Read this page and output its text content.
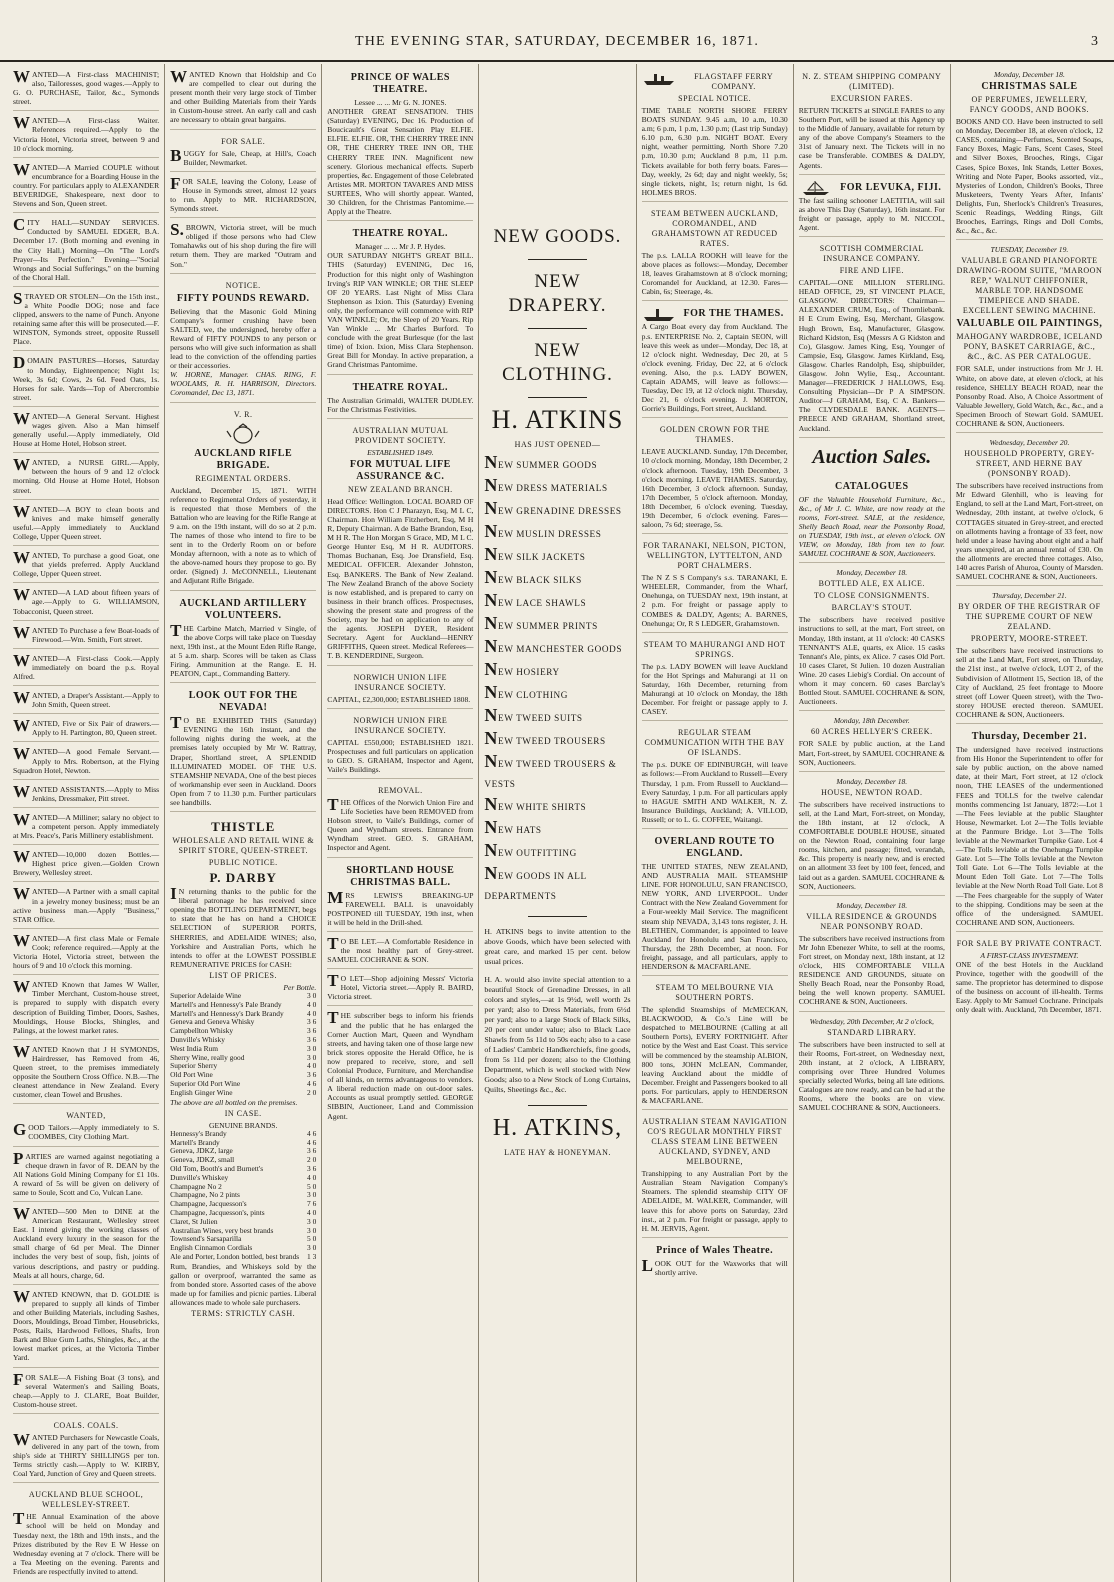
THE EVENING STAR, SATURDAY, DECEMBER 16, 1871.	3

WANTED—A First-class MACHINIST; also, Tailoresses, good wages.—Apply to G. O. PURCHASE, Tailor, &c., Symonds street.

WANTED—A First-class Waiter. References required.—Apply to the Victoria Hotel, Victoria street, between 9 and 10 o'clock morning.

WANTED—A Married COUPLE without encumbrance for a Boarding House in the country. For particulars apply to ALEXANDER BEVERIDGE, Shakespeare, next door to Stevens and Son, Queen street.

CITY HALL—SUNDAY SERVICES. Conducted by SAMUEL EDGER, B.A. December 17. (Both morning and evening in the City Hall.) Morning—On "The Lord's Prayer—Its Perfection." Evening—"Social Wrongs and Social Sufferings," on the burning of the Choral Hall.

STRAYED OR STOLEN—On the 15th inst., a White Poodle DOG; nose and face clipped, answers to the name of Punch. Anyone retaining same after this will be prosecuted.—F. WINSTON, Symonds street, opposite Russell Place.

DOMAIN PASTURES—Horses, Saturday to Monday, Eighteenpence; Night 1s; Week, 3s 6d; Cows, 2s 6d. Feed Oats, 1s. Horses for sale. Yards—Top of Abercrombie street.

WANTED—A General Servant. Highest wages given. Also a Man himself generally useful.—Apply immediately, Old House at Home Hotel, Hobson street.

WANTED, a NURSE GIRL.—Apply, between the hours of 9 and 12 o'clock morning. Old House at Home Hotel, Hobson street.

WANTED—A BOY to clean boots and knives and make himself generally useful.—Apply immediately to Auckland College, Upper Queen street.

WANTED, To purchase a good Goat, one that yields preferred. Apply Auckland College, Upper Queen street.

WANTED—A LAD about fifteen years of age.—Apply to G. WILLIAMSON, Tobacconist, Queen street.

WANTED To Purchase a few Boat-loads of Firewood.—Wm. Smith, Fort street.

WANTED—A First-class Cook.—Apply immediately on board the p.s. Royal Alfred.

WANTED, a Draper's Assistant.—Apply to John Smith, Queen street.

WANTED, Five or Six Pair of drawers.—Apply to H. Partington, 80, Queen street.

WANTED—A good Female Servant.—Apply to Mrs. Robertson, at the Flying Squadron Hotel, Newton.

WANTED ASSISTANTS.—Apply to Miss Jenkins, Dressmaker, Pitt street.

WANTED—A Milliner; salary no object to a competent person. Apply immediately at Mrs. Peace's, Paris Millinery establishment.

WANTED—10,000 dozen Bottles.—Highest price given.—Golden Crown Brewery, Wellesley street.

WANTED—A Partner with a small capital in a jewelry money business; must be an active business man.—Apply "Business," STAR Office.

WANTED—A first class Male or Female Cook; reference required.—Apply at the Victoria Hotel, Victoria street, between the hours of 9 and 10 o'clock this morning.

WANTED Known that James W Waller, Timber Merchant, Custom-house street, is prepared to supply with dispatch every description of Building Timber, Doors, Sashes, Mouldings, House Blocks, Shingles, and Palings, at the lowest market rates.

WANTED Known that J H SYMONDS, Hairdresser, has Removed from 46, Queen street, to the premises immediately opposite the Southern Cross Office. N.B.—The cleanest attendance in New Zealand. Every customer, clean Towel and Brushes.

WANTED,

GOOD Tailors.—Apply immediately to S. COOMBES, City Clothing Mart.

PARTIES are warned against negotiating a cheque drawn in favor of R. DEAN by the All Nations Gold Mining Company for £1 10s. A reward of 5s will be given on delivery of same to Soule, Scott and Co, Vulcan Lane.

WANTED—500 Men to DINE at the American Restaurant, Wellesley street East. I intend giving the working classes of Auckland every luxury in the season for the small charge of 6d per Meal. The Dinner includes the very best of soup, fish, joints of various descriptions, and pastry or pudding. Meals at all hours, charge, 6d.

WANTED KNOWN, that D. GOLDIE is prepared to supply all kinds of Timber and other Building Materials, including Sashes, Doors, Mouldings, Broad Timber, Housebricks, Posts, Rails, Hardwood Felloes, Shafts, Iron Bark and Blue Gum Laths, Shingles, &c., at the lowest market prices, at the Victoria Timber Yard.

FOR SALE—A Fishing Boat (3 tons), and several Watermen's and Sailing Boats, cheap.—Apply to J. CLARE, Boat Builder, Custom-house street.

COALS. COALS.

WANTED Purchasers for Newcastle Coals, delivered in any part of the town, from ship's side at THIRTY SHILLINGS per ton. Terms strictly cash.—Apply to W. KIRBY, Coal Yard, Junction of Grey and Queen streets.

AUCKLAND BLUE SCHOOL, WELLESLEY-STREET.

THE Annual Examination of the above school will be held on Monday and Tuesday next, the 18th and 19th insts., and the Prizes distributed by the Rev E W Hesse on Wednesday evening at 7 o'clock. There will be a Tea Meeting on the evening. Parents and Friends are respectfully invited to attend.

WANTED Known that Holdship and Co are compelled to clear out during the present month their very large stock of Timber and other Building Materials from their Yards in Custom-house street. An early call and cash are necessary to obtain great bargains.

FOR SALE.

BUGGY for Sale, Cheap, at Hill's, Coach Builder, Newmarket.

FOR SALE, leaving the Colony, Lease of House in Symonds street, almost 12 years to run. Apply to MR. RICHARDSON, Symonds street.

S.BROWN, Victoria street, will be much obliged if those persons who had Clew Tomahawks out of his shop during the fire will return them. They are marked "Outram and Son."

NOTICE.
FIFTY POUNDS REWARD.

Believing that the Masonic Gold Mining Company's former crushing have been SALTED, we, the undersigned, hereby offer a Reward of FIFTY POUNDS to any person or persons who will give such information as shall lead to the conviction of the offending parties or their accessories.

W. HORNE, Manager. CHAS. RING, F. WOOLAMS, R. H. HARRISON, Directors. Coromandel, Dec 13, 1871.

V. R.
AUCKLAND RIFLE BRIGADE.
REGIMENTAL ORDERS.

Auckland, December 15, 1871. WITH reference to Regimental Orders of yesterday, it is requested that those Members of the Battalion who are leaving for the Rifle Range at 9 a.m. on the 19th instant, will do so at 2 p.m. The names of those who intend to fire to be sent in to the Orderly Room on or before Monday afternoon, with a note as to which of the above-named hours they propose to go. By order. (Signed) J. McCONNELL, Lieutenant and Adjutant Rifle Brigade.

AUCKLAND ARTILLERY VOLUNTEERS.

THE Carbine Match, Married v Single, of the above Corps will take place on Tuesday next, 19th inst., at the Mount Eden Rifle Range, at 5 a.m. sharp. Scores will be taken as Class Firing. Ammunition at the Range. E. H. PEATON, Capt., Commanding Battery.

LOOK OUT FOR THE NEVADA!

TO BE EXHIBITED THIS (Saturday) EVENING the 16th instant, and the following nights during the week, at the premises lately occupied by Mr W. Rattray, Draper, Shortland street, A SPLENDID ILLUMINATED MODEL OF THE U.S. STEAMSHIP NEVADA, One of the best pieces of workmanship ever seen in Auckland. Doors Open from 7 to 11.30 p.m. Further particulars see handbills.

THISTLE
WHOLESALE AND RETAIL WINE & SPIRIT STORE, QUEEN-STREET.
PUBLIC NOTICE.
P. DARBY

IN returning thanks to the public for the liberal patronage he has received since opening the BOTTLING DEPARTMENT, begs to state that he has on hand a CHOICE SELECTION of SUPERIOR PORTS, SHERRIES, and ADELAIDE WINES; also, Yorkshire and Australian Ports, which he intends to offer at the LOWEST POSSIBLE REMUNERATIVE PRICES for CASH:

LIST OF PRICES.
Per Bottle.
Superior Adelaide Wine	3 0
Martell's and Hennessy's Pale Brandy	4 0
Martell's and Hennessy's Dark Brandy	4 0
Geneva and Geneva Whisky	3 6
Campbellton Whisky	3 6
Dunville's Whisky	3 6
West India Rum	3 0
Sherry Wine, really good	3 0
Superior Sherry	4 0
Old Port Wine	3 6
Superior Old Port Wine	4 6
English Ginger Wine	2 0

The above are all bottled on the premises.

IN CASE.
GENUINE BRANDS.
Hennessy's Brandy	4 6
Martell's Brandy	4 6
Geneva, JDKZ, large	3 6
Geneva, JDKZ, small	2 0
Old Tom, Booth's and Burnett's	3 6
Dunville's Whiskey	4 0
Champagne No 2	5 0
Champagne, No 2 pints	3 0
Champagne, Jacquesson's	7 6
Champagne, Jacquesson's, pints	4 0
Claret, St Julien	3 0
Australian Wines, very best brands	3 0
Townsend's Sarsaparilla	5 0
English Cinnamon Cordials	3 0
Ale and Porter, London bottled, best brands	1 3

Rum, Brandies, and Whiskeys sold by the gallon or overproof, warranted the same as from bonded store. Assorted cases of the above made up for families and picnic parties. Liberal allowances made to whole sale purchasers.

TERMS: STRICTLY CASH.
PRINCE OF WALES THEATRE.
Lessee ... ... Mr G. N. JONES.

ANOTHER GREAT SENSATION. THIS (Saturday) EVENING, Dec 16. Production of Boucicault's Great Sensation Play ELFIE. ELFIE. ELFIE. OR, THE CHERRY TREE INN OR, THE CHERRY TREE INN OR, THE CHERRY TREE INN. Magnificent new scenery. Glorious mechanical effects. Superb properties, &c. Engagement of those Celebrated Artistes MR. MORTON TAVARES AND MISS SURTEES, Who will shortly appear. Wanted, 30 Children, for the Christmas Pantomime.—Apply at the Theatre.

THEATRE ROYAL.
Manager ... ... Mr J. P. Hydes.

OUR SATURDAY NIGHT'S GREAT BILL. THIS (Saturday) EVENING, Dec 16, Production for this night only of Washington Irving's RIP VAN WINKLE; OR THE SLEEP OF 20 YEARS. Last Night of Miss Clara Stephenson as Ixion. This (Saturday) Evening only, the performance will commence with RIP VAN WINKLE; Or, the Sleep of 20 Years. Rip Van Winkle ... Mr Charles Burford. To conclude with the great Burlesque (for the last time) of Ixion. Ixion, Miss Clara Stephenson. Great Bill for Monday. In active preparation, a Grand Christmas Pantomime.

THEATRE ROYAL.

The Australian Grimaldi, WALTER DUDLEY. For the Christmas Festivities.

AUSTRALIAN MUTUAL PROVIDENT SOCIETY.
ESTABLISHED 1849.
FOR MUTUAL LIFE ASSURANCE &C.
NEW ZEALAND BRANCH.

Head Office: Wellington. LOCAL BOARD OF DIRECTORS. Hon C J Pharazyn, Esq, M L C, Chairman. Hon William Fitzherbert, Esq, M H R, Deputy Chairman. A de Bathe Brandon, Esq, M H R. The Hon Morgan S Grace, MD, M L C. George Hunter Esq, M H R. AUDITORS. Thomas Buchanan, Esq. Joe Dransfield, Esq. MEDICAL OFFICER. Alexander Johnston, Esq. BANKERS. The Bank of New Zealand. The New Zealand Branch of the above Society is now established, and is prepared to carry on business in their branch offices. Prospectuses, showing the present state and progress of the Society, may be had on application to any of the agents. JOSEPH DYER, Resident Secretary. Agent for Auckland—HENRY GRIFFITHS, Queen street. Medical Referees—T. B. KENDERDINE, Surgeon.

NORWICH UNION LIFE INSURANCE SOCIETY.

CAPITAL, £2,300,000; ESTABLISHED 1808.

NORWICH UNION FIRE INSURANCE SOCIETY.

CAPITAL £550,000; ESTABLISHED 1821. Prospectuses and full particulars on application to GEO. S. GRAHAM, Inspector and Agent, Vaile's Buildings.

REMOVAL.

THE Offices of the Norwich Union Fire and Life Societies have been REMOVED from Hobson street, to Vaile's Buildings, corner of Queen and Wyndham streets. Entrance from Wyndham street. GEO. S. GRAHAM, Inspector and Agent.

SHORTLAND HOUSE CHRISTMAS BALL.

MRS LEWIS'S BREAKING-UP FAREWELL BALL is unavoidably POSTPONED till TUESDAY, 19th inst, when it will be held in the Drill-shed.

TO BE LET.—A Comfortable Residence in the most healthy part of Grey-street. SAMUEL COCHRANE & SON.

TO LET—Shop adjoining Messrs' Victoria Hotel, Victoria street.—Apply R. BAIRD, Victoria street.

THE subscriber begs to inform his friends and the public that he has enlarged the Corner Auction Mart, Queen and Wyndham streets, and having taken one of those large new brick stores opposite the Herald Office, he is now prepared to receive, store, and sell Colonial Produce, Furniture, and Merchandise of all kinds, on terms advantageous to vendors. A liberal reduction made on out-door sales. Accounts as usual promptly settled. GEORGE SIBBIN, Auctioneer, Land and Commission Agent.

NEW GOODS.
NEW DRAPERY.
NEW CLOTHING.
H. ATKINS
HAS JUST OPENED—
NEW SUMMER GOODS
NEW DRESS MATERIALS
NEW GRENADINE DRESSES
NEW MUSLIN DRESSES
NEW SILK JACKETS
NEW BLACK SILKS
NEW LACE SHAWLS
NEW SUMMER PRINTS
NEW MANCHESTER GOODS
NEW HOSIERY
NEW CLOTHING
NEW TWEED SUITS
NEW TWEED TROUSERS
NEW TWEED TROUSERS & VESTS
NEW WHITE SHIRTS
NEW HATS
NEW OUTFITTING
NEW GOODS IN ALL DEPARTMENTS

H. ATKINS begs to invite attention to the above Goods, which have been selected with great care, and marked 15 per cent. below usual prices.

H. A. would also invite special attention to a beautiful Stock of Grenadine Dresses, in all colors and styles,—at 1s 9½d, well worth 2s per yard; also to Dress Materials, from 6½d per yard; also to a large Stock of Black Silks, 20 per cent under value; also to Black Lace Shawls from 5s 11d to 50s each; also to a case of Ladies' Cambric Handkerchiefs, fine goods, from 5s 11d per dozen; also to the Clothing Department, which is well stocked with New Goods; also to a New Stock of Long Curtains, Quilts, Sheetings &c., &c.

H. ATKINS,
LATE HAY & HONEYMAN.
FLAGSTAFF FERRY COMPANY.
SPECIAL NOTICE.

TIME TABLE NORTH SHORE FERRY BOATS SUNDAY. 9.45 a.m, 10 a.m, 10.30 a.m; 6 p.m, 1 p.m, 1.30 p.m; (Last trip Sunday) 6.10 p.m, 6.30 p.m. NIGHT BOAT. Every night, weather permitting. North Shore 7.20 p.m, 10.30 p.m; Auckland 8 p.m, 11 p.m. Tickets available for both ferry boats. Fares—Day, weekly, 2s 6d; day and night weekly, 5s; single tickets, night, 1s; return night, 1s 6d. HOLMES BROS.

STEAM BETWEEN AUCKLAND, COROMANDEL, AND GRAHAMSTOWN AT REDUCED RATES.

The p.s. LALLA ROOKH will leave for the above places as follows:—Monday, December 18, leaves Grahamstown at 8 o'clock morning; Coromandel for Auckland, at 12.30. Fares—Cabin, 6s; Steerage, 4s.

FOR THE THAMES.

A Cargo Boat every day from Auckland. The p.s. ENTERPRISE No. 2, Captain SEON, will leave this week as under—Monday, Dec 18, at 12 o'clock night. Wednesday, Dec 20, at 5 o'clock evening. Friday, Dec 22, at 6 o'clock evening. Also, the p.s. LADY BOWEN, Captain ADAMS, will leave as follows:—Tuesday, Dec 19, at 12 o'clock night. Thursday, Dec 21, 6 o'clock evening. J. MORTON, Gorrie's Buildings, Fort street, Auckland.

GOLDEN CROWN FOR THE THAMES.

LEAVE AUCKLAND. Sunday, 17th December, 10 o'clock morning. Monday, 18th December, 2 o'clock afternoon. Tuesday, 19th December, 3 o'clock morning. LEAVE THAMES. Saturday, 16th December, 3 o'clock afternoon. Sunday, 17th December, 5 o'clock afternoon. Monday, 18th December, 6 o'clock evening. Tuesday, 19th December, 6 o'clock evening. Fares—saloon, 7s 6d; steerage, 5s.

FOR TARANAKI, NELSON, PICTON, WELLINGTON, LYTTELTON, AND PORT CHALMERS.

The N Z S S Company's s.s. TARANAKI, E. WHEELER, Commander, from the Wharf, Onehunga, on TUESDAY next, 19th instant, at 2 p.m. For freight or passage apply to COMBES & DALDY, Agents; A. BARNES, Onehunga; Or, R S LEDGER, Grahamstown.

STEAM TO MAHURANGI AND HOT SPRINGS.

The p.s. LADY BOWEN will leave Auckland for the Hot Springs and Mahurangi at 11 on Saturday, 16th December, returning from Mahurangi at 10 o'clock on Monday, the 18th December. For freight or passage apply to J. CASEY.

REGULAR STEAM COMMUNICATION WITH THE BAY OF ISLANDS.

The p.s. DUKE OF EDINBURGH, will leave as follows:—From Auckland to Russell—Every Thursday, 1 p.m. From Russell to Auckland—Every Saturday, 1 p.m. For all particulars apply to HAGUE SMITH AND WALKER, N. Z. Insurance Buildings, Auckland; A. VILLOD, Russell; or to L. G. COFFEE, Waitangi.

OVERLAND ROUTE TO ENGLAND.

THE UNITED STATES, NEW ZEALAND, AND AUSTRALIA MAIL STEAMSHIP LINE. FOR HONOLULU, SAN FRANCISCO, NEW YORK, AND LIVERPOOL. Under Contract with the New Zealand Government for a Four-weekly Mail Service. The magnificent steam ship NEVADA, 3,143 tons register, J. H. BLETHEN, Commander, is appointed to leave Auckland for Honolulu and San Francisco, Thursday, the 28th December, at noon. For freight, passage, and all particulars, apply to HENDERSON & MACFARLANE.

STEAM TO MELBOURNE VIA SOUTHERN PORTS.

The splendid Steamships of McMECKAN, BLACKWOOD, & Co.'s Line will be despatched to MELBOURNE (Calling at all Southern Ports), EVERY FORTNIGHT. After notice by the West and East Coast. This service will be commenced by the steamship ALBION, 800 tons, JOHN McLEAN, Commander, leaving Auckland about the middle of December. Freight and Passengers booked to all ports. For particulars, apply to HENDERSON & MACFARLANE.

AUSTRALIAN STEAM NAVIGATION CO'S REGULAR MONTHLY FIRST CLASS STEAM LINE BETWEEN AUCKLAND, SYDNEY, AND MELBOURNE,

Transhipping to any Australian Port by the Australian Steam Navigation Company's Steamers. The splendid steamship CITY OF ADELAIDE, M. WALKER, Commander, will leave this for above ports on Saturday, 23rd inst., at 2 p.m. For freight or passage, apply to H. M. JERVIS, Agent.

Prince of Wales Theatre.

LOOK OUT for the Waxworks that will shortly arrive.

N. Z. STEAM SHIPPING COMPANY (LIMITED).
EXCURSION FARES.

RETURN TICKETS at SINGLE FARES to any Southern Port, will be issued at this Agency up to the Middle of January, available for return by any of the above Company's Steamers to the 31st of January next. The Tickets will in no case be Transferable. COMBES & DALDY, Agents.

FOR LEVUKA, FIJI.

The fast sailing schooner LAETITIA, will sail as above This Day (Saturday), 16th instant. For freight or passage, apply to M. NICCOL, Agent.

SCOTTISH COMMERCIAL INSURANCE COMPANY.
FIRE AND LIFE.

CAPITAL—ONE MILLION STERLING. HEAD OFFICE, 29, ST VINCENT PLACE, GLASGOW. DIRECTORS: Chairman—ALEXANDER CRUM, Esq., of Thornliebank. H E Crum Ewing, Esq, Merchant, Glasgow. Hugh Brown, Esq, Manufacturer, Glasgow. Richard Kidston, Esq (Messrs A G Kidston and Co), Glasgow. James King, Esq, Younger of Campsie, Esq, Glasgow. James Kirkland, Esq, Glasgow. Charles Randolph, Esq, shipbuilder, Glasgow. John Wylie, Esq., Accountant. Manager—FREDERICK J HALLOWS, Esq. Consulting Physician—Dr P A SIMPSON. Auditor—J GRAHAM, Esq, C A. Bankers—The CLYDESDALE BANK. AGENTS—PREECE AND GRAHAM, Shortland street, Auckland.

Auction Sales.
CATALOGUES

OF the Valuable Household Furniture, &c., &c., of Mr J. C. White, are now ready at the rooms, Fort-street. SALE, at the residence, Shelly Beach Road, near the Ponsonby Road, on TUESDAY, 19th inst., at eleven o'clock. ON VIEW, on Monday, 18th from ten to four. SAMUEL COCHRANE & SON, Auctioneers.

Monday, December 18.
BOTTLED ALE, EX ALICE.
TO CLOSE CONSIGNMENTS.
BARCLAY'S STOUT.

The subscribers have received positive instructions to sell, at the mart, Fort street, on Monday, 18th instant, at 11 o'clock: 40 CASKS TENNANT'S ALE, quarts, ex Alice. 15 casks Tennant's Ale, pints, ex Alice. 7 cases Old Port. 10 cases Claret, St Julien. 10 dozen Australian Wine. 20 cases Liebig's Cordial. On account of whom it may concern. 60 cases Barclay's Bottled Stout. SAMUEL COCHRANE & SON, Auctioneers.

Monday, 18th December.
60 ACRES HELLYER'S CREEK.

FOR SALE by public auction, at the Land Mart, Fort-street, by SAMUEL COCHRANE & SON, Auctioneers.

Monday, December 18.
HOUSE, NEWTON ROAD.

The subscribers have received instructions to sell, at the Land Mart, Fort-street, on Monday, the 18th instant, at 12 o'clock, A COMFORTABLE DOUBLE HOUSE, situated on the Newton Road, containing four large rooms, kitchen, and passage; fitted, verandah, &c. This property is nearly new, and is erected on an allotment 33 feet by 100 feet, fenced, and laid out as a garden. SAMUEL COCHRANE & SON, Auctioneers.

Monday, December 18.
VILLA RESIDENCE & GROUNDS NEAR PONSONBY ROAD.

The subscribers have received instructions from Mr John Ebenezer White, to sell at the rooms, Fort street, on Monday next, 18th instant, at 12 o'clock, HIS COMFORTABLE VILLA RESIDENCE AND GROUNDS, situate on Shelly Beach Road, near the Ponsonby Road, being the well known property. SAMUEL COCHRANE & SON, Auctioneers.

Wednesday, 20th December, At 2 o'clock,
STANDARD LIBRARY.

The subscribers have been instructed to sell at their Rooms, Fort-street, on Wednesday next, 20th instant, at 2 o'clock, A LIBRARY, comprising over Three Hundred Volumes specially selected Works, being all late editions. Catalogues are now ready, and can be had at the Rooms, where the books are on view. SAMUEL COCHRANE & SON, Auctioneers.

Monday, December 18.
CHRISTMAS SALE
OF PERFUMES, JEWELLERY, FANCY GOODS, AND BOOKS.

BOOKS AND CO. Have been instructed to sell on Monday, December 18, at eleven o'clock, 12 CASES, containing—Perfumes, Scented Soaps, Fancy Boxes, Magic Fans, Scent Cases, Steel and Silver Boxes, Brooches, Rings, Cigar Cases, Spice Boxes, Ink Stands, Letter Boxes, Writing and Note Paper, Books assorted, viz., Mysteries of London, Children's Books, Three Musketeers, Twenty Years After, Infants' Delights, Fun, Sherlock's Children's Treasures, Scenic Readings, Wedding Rings, Gilt Brooches, Earrings, Rings and Doll Combs, &c., &c., &c.

TUESDAY, December 19.
VALUABLE GRAND PIANOFORTE DRAWING-ROOM SUITE, "MAROON REP," WALNUT CHIFFONIER, MARBLE TOP. HANDSOME TIMEPIECE AND SHADE. EXCELLENT SEWING MACHINE.
VALUABLE OIL PAINTINGS,
MAHOGANY WARDROBE, ICELAND PONY, BASKET CARRIAGE, &C., &C., &C. AS PER CATALOGUE.

FOR SALE, under instructions from Mr J. H. White, on above date, at eleven o'clock, at his residence, SHELLY BEACH ROAD, near the Ponsonby Road. Also, A Choice Assortment of Valuable Jewellery, Gold Watch, &c., &c., and a Specimen Brooch of Stewart Gold. SAMUEL COCHRANE & SON, Auctioneers.

Wednesday, December 20.
HOUSEHOLD PROPERTY, GREY-STREET, AND HERNE BAY (PONSONBY ROAD).

The subscribers have received instructions from Mr Edward Glenhill, who is leaving for England, to sell at the Land Mart, Fort-street, on Wednesday, 20th instant, at twelve o'clock, 6 COTTAGES situated in Grey-street, and erected on allotments having a frontage of 33 feet, now held under a lease having about eight and a half years unexpired, at an annual rental of £30. On the allotments are erected three cottages. Also, 140 acres Parish of Ahuroa, County of Marsden. SAMUEL COCHRANE & SON, Auctioneers.

Thursday, December 21.
BY ORDER OF THE REGISTRAR OF THE SUPREME COURT OF NEW ZEALAND.
PROPERTY, MOORE-STREET.

The subscribers have received instructions to sell at the Land Mart, Fort street, on Thursday, the 21st inst., at twelve o'clock, LOT 2, of the Subdivision of Allotment 15, Section 18, of the City of Auckland, 25 feet frontage to Moore street (off Lower Queen street), with the Two-storey HOUSE erected thereon. SAMUEL COCHRANE & SON, Auctioneers.

Thursday, December 21.

The undersigned have received instructions from His Honor the Superintendent to offer for sale by public auction, on the above named date, at their Mart, Fort street, at 12 o'clock noon, THE LEASES of the undermentioned FEES and TOLLS for the twelve calendar months commencing 1st January, 1872:—Lot 1—The Fees leviable at the public Slaughter House, Newmarket. Lot 2—The Tolls leviable at the Panmure Bridge. Lot 3—The Tolls leviable at the Newmarket Turnpike Gate. Lot 4—The Tolls leviable at the Onehunga Turnpike Gate. Lot 5—The Tolls leviable at the Newton Toll Gate. Lot 6—The Tolls leviable at the Mount Eden Toll Gate. Lot 7—The Tolls leviable at the New North Road Toll Gate. Lot 8—The Fees chargeable for the supply of Water to the shipping. Conditions may be seen at the office of the undersigned. SAMUEL COCHRANE AND SON, Auctioneers.

FOR SALE BY PRIVATE CONTRACT.
A FIRST-CLASS INVESTMENT.

ONE of the best Hotels in the Auckland Province, together with the goodwill of the same. The proprietor has determined to dispose of the business on account of ill-health. Terms Easy. Apply to Mr Samuel Cochrane. Principals only dealt with. Auckland, 7th December, 1871.
